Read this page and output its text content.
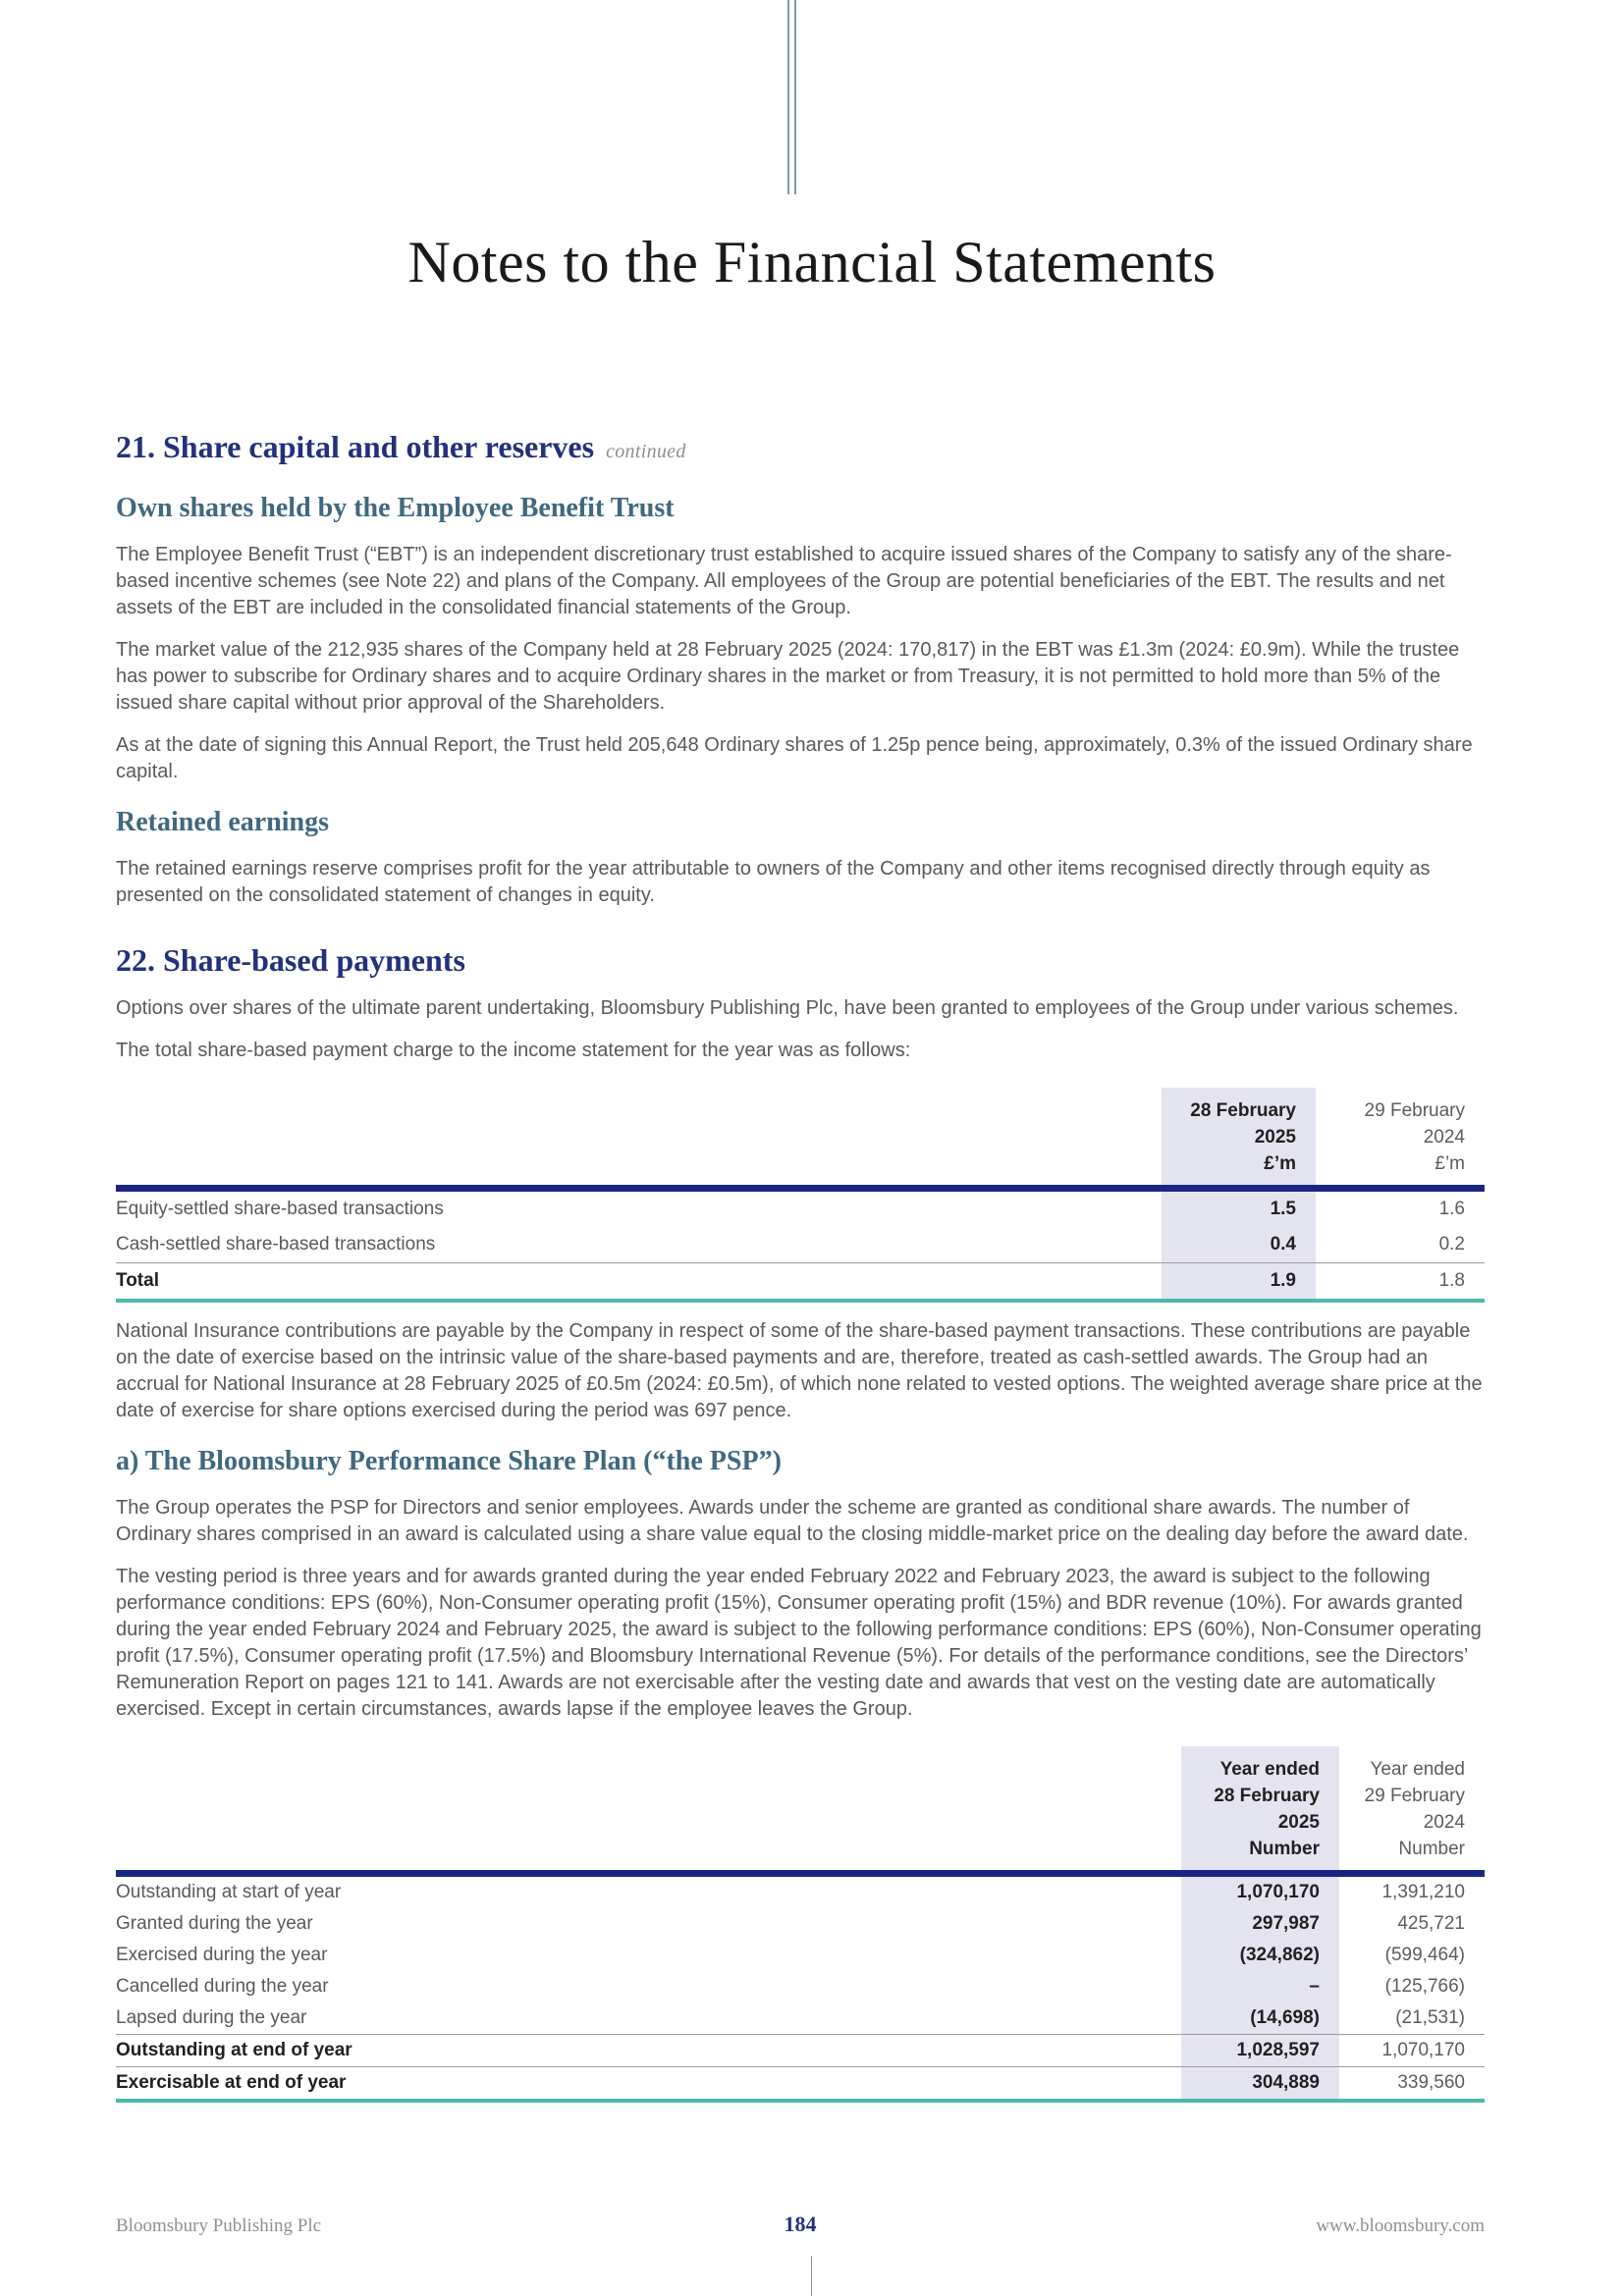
Notes to the Financial Statements
21. Share capital and other reserves continued
Own shares held by the Employee Benefit Trust

The Employee Benefit Trust (“EBT”) is an independent discretionary trust established to acquire issued shares of the Company to satisfy any of the share-based incentive schemes (see Note 22) and plans of the Company. All employees of the Group are potential beneficiaries of the EBT. The results and net assets of the EBT are included in the consolidated financial statements of the Group.

The market value of the 212,935 shares of the Company held at 28 February 2025 (2024: 170,817) in the EBT was £1.3m (2024: £0.9m). While the trustee has power to subscribe for Ordinary shares and to acquire Ordinary shares in the market or from Treasury, it is not permitted to hold more than 5% of the issued share capital without prior approval of the Shareholders.

As at the date of signing this Annual Report, the Trust held 205,648 Ordinary shares of 1.25p pence being, approximately, 0.3% of the issued Ordinary share capital.

Retained earnings

The retained earnings reserve comprises profit for the year attributable to owners of the Company and other items recognised directly through equity as presented on the consolidated statement of changes in equity.

22. Share-based payments

Options over shares of the ultimate parent undertaking, Bloomsbury Publishing Plc, have been granted to employees of the Group under various schemes.

The total share-based payment charge to the income statement for the year was as follows:

28 February
2025
£’m
29 February
2024
£’m
Equity-settled share-based transactions	1.5	1.6
Cash-settled share-based transactions	0.4	0.2
Total	1.9	1.8

National Insurance contributions are payable by the Company in respect of some of the share-based payment transactions. These contributions are payable on the date of exercise based on the intrinsic value of the share-based payments and are, therefore, treated as cash-settled awards. The Group had an accrual for National Insurance at 28 February 2025 of £0.5m (2024: £0.5m), of which none related to vested options. The weighted average share price at the date of exercise for share options exercised during the period was 697 pence.

a) The Bloomsbury Performance Share Plan (“the PSP”)

The Group operates the PSP for Directors and senior employees. Awards under the scheme are granted as conditional share awards. The number of Ordinary shares comprised in an award is calculated using a share value equal to the closing middle-market price on the dealing day before the award date.

The vesting period is three years and for awards granted during the year ended February 2022 and February 2023, the award is subject to the following performance conditions: EPS (60%), Non-Consumer operating profit (15%), Consumer operating profit (15%) and BDR revenue (10%). For awards granted during the year ended February 2024 and February 2025, the award is subject to the following performance conditions: EPS (60%), Non-Consumer operating profit (17.5%), Consumer operating profit (17.5%) and Bloomsbury International Revenue (5%). For details of the performance conditions, see the Directors’ Remuneration Report on pages 121 to 141. Awards are not exercisable after the vesting date and awards that vest on the vesting date are automatically exercised. Except in certain circumstances, awards lapse if the employee leaves the Group.

Year ended
28 February
2025
Number
Year ended
29 February
2024
Number
Outstanding at start of year	1,070,170	1,391,210
Granted during the year	297,987	425,721
Exercised during the year	(324,862)	(599,464)
Cancelled during the year	–	(125,766)
Lapsed during the year	(14,698)	(21,531)
Outstanding at end of year	1,028,597	1,070,170
Exercisable at end of year	304,889	339,560
Bloomsbury Publishing Plc	184	www.bloomsbury.com
